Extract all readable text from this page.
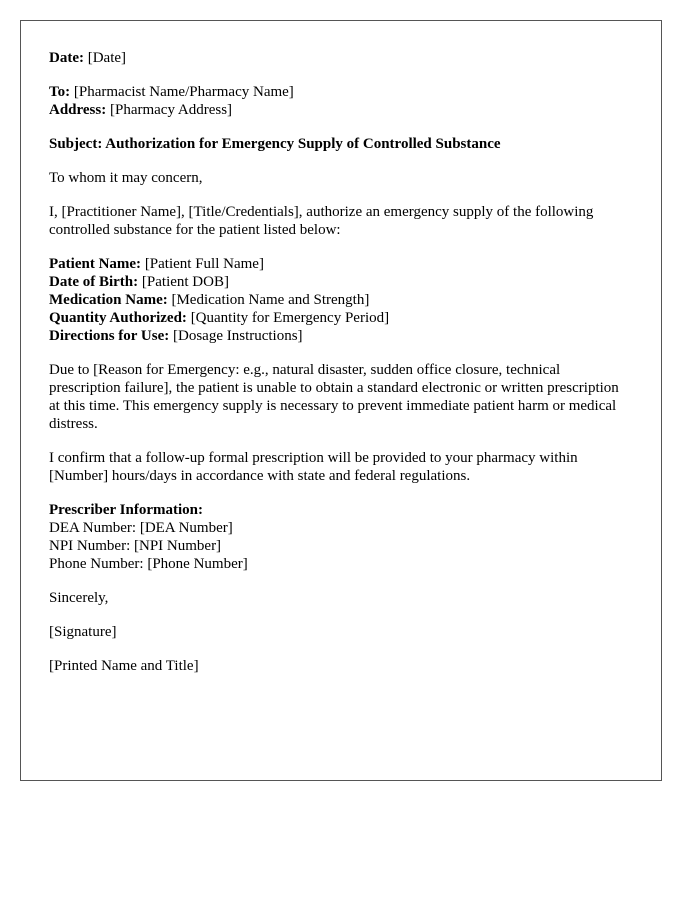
Date: [Date]

To: [Pharmacist Name/Pharmacy Name]
Address: [Pharmacy Address]

Subject: Authorization for Emergency Supply of Controlled Substance

To whom it may concern,

I, [Practitioner Name], [Title/Credentials], authorize an emergency supply of the following controlled substance for the patient listed below:

Patient Name: [Patient Full Name]
Date of Birth: [Patient DOB]
Medication Name: [Medication Name and Strength]
Quantity Authorized: [Quantity for Emergency Period]
Directions for Use: [Dosage Instructions]

Due to [Reason for Emergency: e.g., natural disaster, sudden office closure, technical prescription failure], the patient is unable to obtain a standard electronic or written prescription at this time. This emergency supply is necessary to prevent immediate patient harm or medical distress.

I confirm that a follow-up formal prescription will be provided to your pharmacy within [Number] hours/days in accordance with state and federal regulations.

Prescriber Information:
DEA Number: [DEA Number]
NPI Number: [NPI Number]
Phone Number: [Phone Number]

Sincerely,

[Signature]

[Printed Name and Title]
